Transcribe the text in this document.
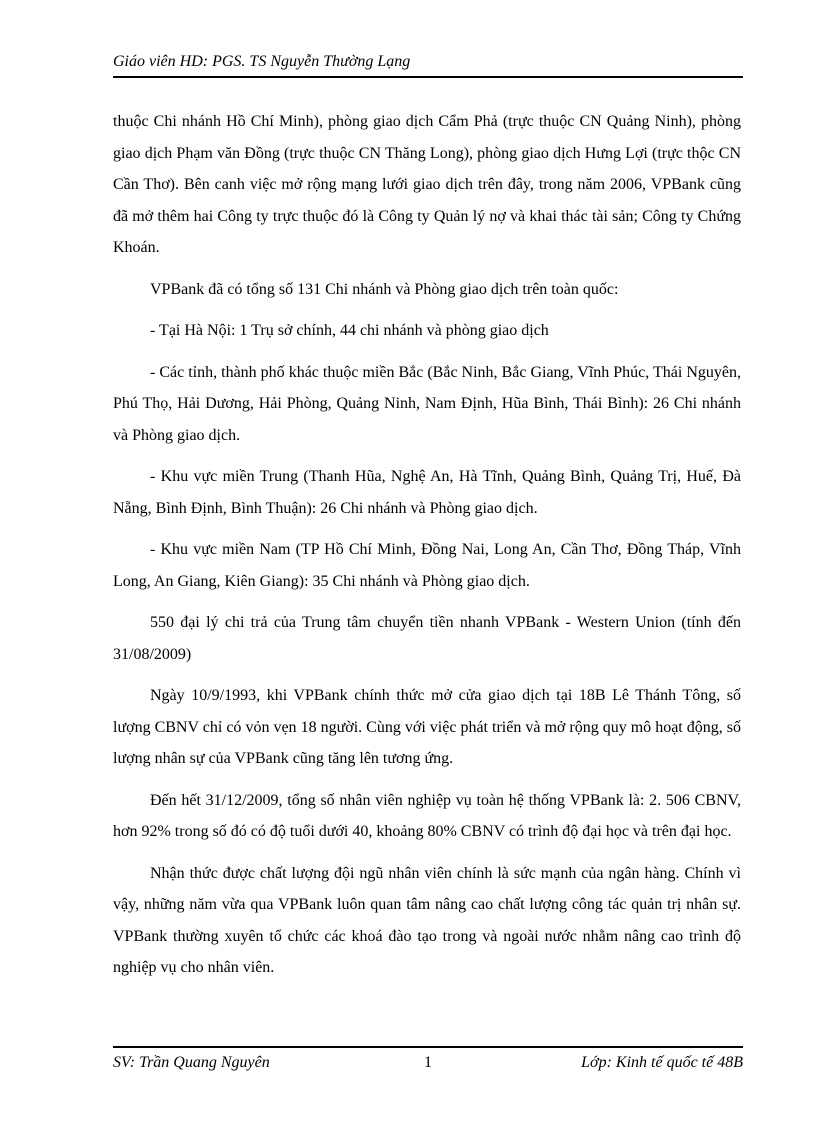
Giáo viên HD: PGS. TS Nguyễn Thường Lạng

thuộc Chi nhánh Hồ Chí Minh), phòng giao dịch Cẩm Phả (trực thuộc CN Quảng Ninh), phòng giao dịch Phạm văn Đồng (trực thuộc CN Thăng Long), phòng giao dịch Hưng Lợi (trực thộc CN Cần Thơ). Bên canh việc mở rộng mạng lưới giao dịch trên đây, trong năm 2006, VPBank cũng đã mở thêm hai Công ty trực thuộc đó là Công ty Quản lý nợ và khai thác tài sản; Công ty Chứng Khoán.

VPBank đã có tổng số 131 Chi nhánh và Phòng giao dịch trên toàn quốc:

- Tại Hà Nội: 1 Trụ sở chính, 44 chi nhánh và phòng giao dịch

- Các tỉnh, thành phố khác thuộc miền Bắc (Bắc Ninh, Bắc Giang, Vĩnh Phúc, Thái Nguyên, Phú Thọ, Hải Dương, Hải Phòng, Quảng Ninh, Nam Định, Hũa Bình, Thái Bình): 26 Chi nhánh và Phòng giao dịch.

- Khu vực miền Trung (Thanh Hũa, Nghệ An, Hà Tĩnh, Quảng Bình, Quảng Trị, Huế, Đà Nẵng, Bình Định, Bình Thuận): 26 Chi nhánh và Phòng giao dịch.

- Khu vực miền Nam (TP Hồ Chí Minh, Đồng Nai, Long An, Cần Thơ, Đồng Tháp, Vĩnh Long, An Giang, Kiên Giang): 35 Chi nhánh và Phòng giao dịch.

550 đại lý chi trả của Trung tâm chuyển tiền nhanh VPBank - Western Union (tính đến 31/08/2009)

Ngày 10/9/1993, khi VPBank chính thức mở cửa giao dịch tại 18B Lê Thánh Tông, số lượng CBNV chỉ có vỏn vẹn 18 người. Cùng với việc phát triển và mở rộng quy mô hoạt động, số lượng nhân sự của VPBank cũng tăng lên tương ứng.

Đến hết 31/12/2009, tổng số nhân viên nghiệp vụ toàn hệ thống VPBank là: 2. 506 CBNV, hơn 92% trong số đó có độ tuổi dưới 40, khoảng 80% CBNV có trình độ đại học và trên đại học.

Nhận thức được chất lượng đội ngũ nhân viên chính là sức mạnh của ngân hàng. Chính vì vậy, những năm vừa qua VPBank luôn quan tâm nâng cao chất lượng công tác quản trị nhân sự. VPBank thường xuyên tổ chức các khoá đào tạo trong và ngoài nước nhằm nâng cao trình độ nghiệp vụ cho nhân viên.

SV: Trần Quang Nguyên	1	Lớp: Kinh tế quốc tế 48B
